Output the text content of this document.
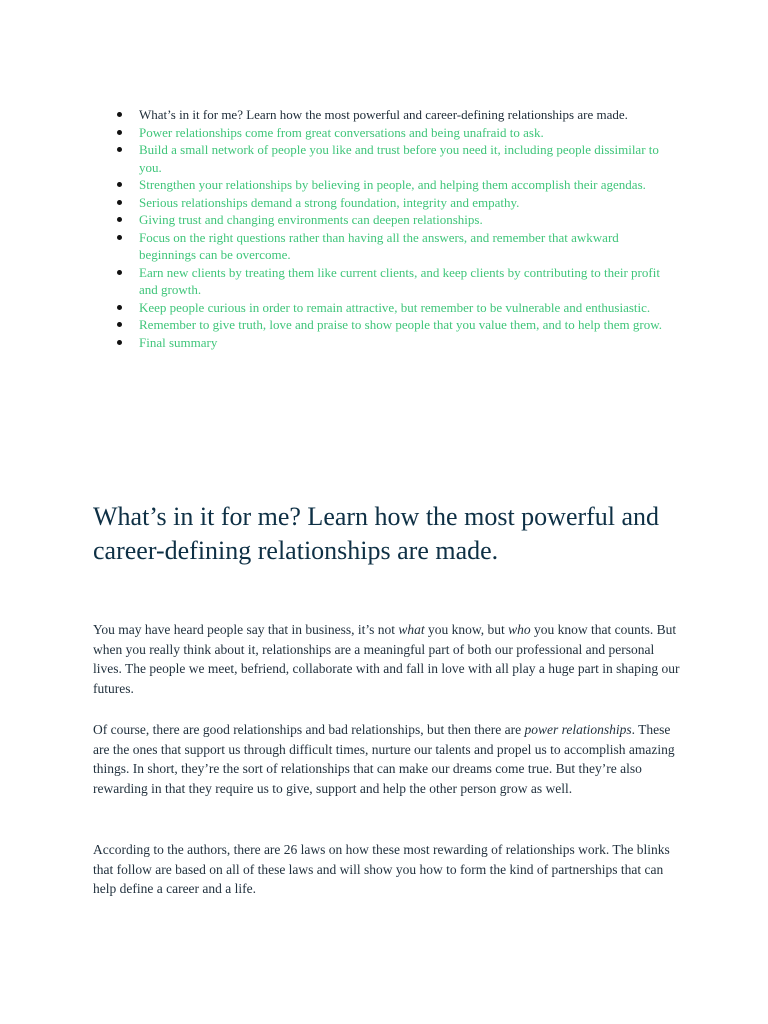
What’s in it for me? Learn how the most powerful and career-defining relationships are made.
Power relationships come from great conversations and being unafraid to ask.
Build a small network of people you like and trust before you need it, including people dissimilar to you.
Strengthen your relationships by believing in people, and helping them accomplish their agendas.
Serious relationships demand a strong foundation, integrity and empathy.
Giving trust and changing environments can deepen relationships.
Focus on the right questions rather than having all the answers, and remember that awkward beginnings can be overcome.
Earn new clients by treating them like current clients, and keep clients by contributing to their profit and growth.
Keep people curious in order to remain attractive, but remember to be vulnerable and enthusiastic.
Remember to give truth, love and praise to show people that you value them, and to help them grow.
Final summary
What’s in it for me? Learn how the most powerful and career-defining relationships are made.

You may have heard people say that in business, it’s not what you know, but who you know that counts. But when you really think about it, relationships are a meaningful part of both our professional and personal lives. The people we meet, befriend, collaborate with and fall in love with all play a huge part in shaping our futures.

Of course, there are good relationships and bad relationships, but then there are power relationships. These are the ones that support us through difficult times, nurture our talents and propel us to accomplish amazing things. In short, they’re the sort of relationships that can make our dreams come true. But they’re also rewarding in that they require us to give, support and help the other person grow as well.

According to the authors, there are 26 laws on how these most rewarding of relationships work. The blinks that follow are based on all of these laws and will show you how to form the kind of partnerships that can help define a career and a life.
